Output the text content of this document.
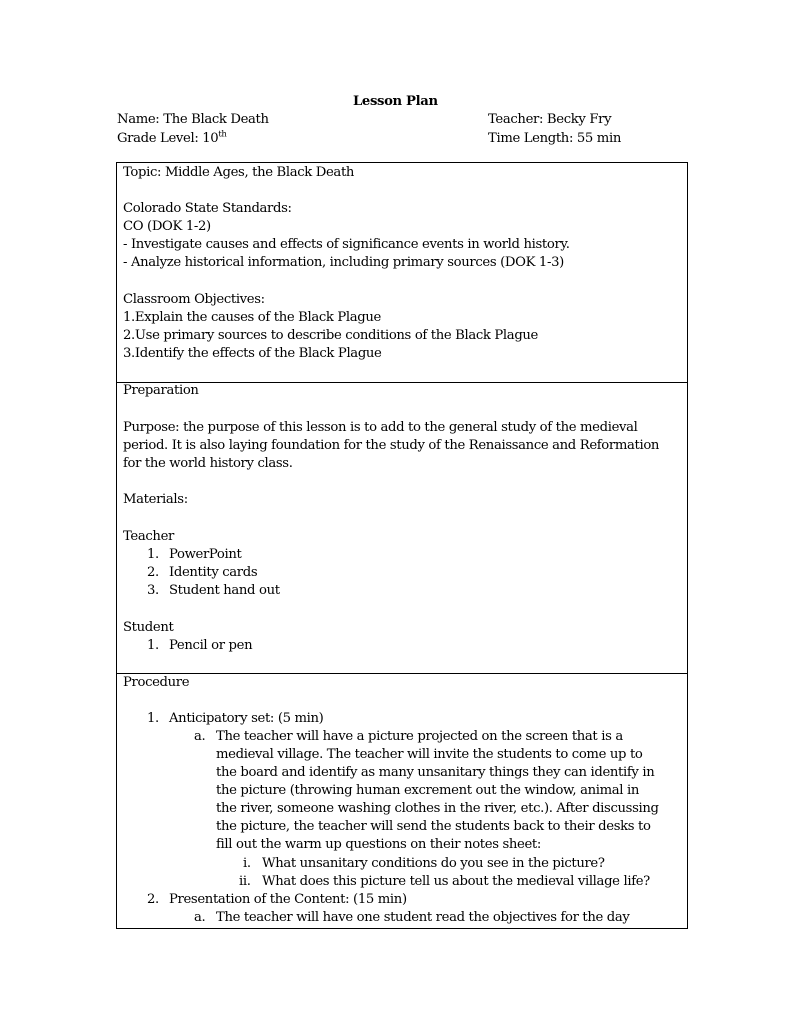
Lesson Plan
Name: The Black Death	Teacher: Becky Fry
Grade Level: 10th	Time Length: 55 min
Topic: Middle Ages, the Black Death
Colorado State Standards:
CO (DOK 1-2)
- Investigate causes and effects of significance events in world history.
- Analyze historical information, including primary sources (DOK 1-3)
Classroom Objectives:
1.Explain the causes of the Black Plague
2.Use primary sources to describe conditions of the Black Plague
3.Identify the effects of the Black Plague
Preparation
Purpose: the purpose of this lesson is to add to the general study of the medieval
period. It is also laying foundation for the study of the Renaissance and Reformation
for the world history class.
Materials:
Teacher
1. PowerPoint
2. Identity cards
3. Student hand out
Student
1. Pencil or pen
Procedure
1. Anticipatory set: (5 min)
a. The teacher will have a picture projected on the screen that is a
medieval village. The teacher will invite the students to come up to
the board and identify as many unsanitary things they can identify in
the picture (throwing human excrement out the window, animal in
the river, someone washing clothes in the river, etc.). After discussing
the picture, the teacher will send the students back to their desks to
fill out the warm up questions on their notes sheet:
i. What unsanitary conditions do you see in the picture?
ii. What does this picture tell us about the medieval village life?
2. Presentation of the Content: (15 min)
a. The teacher will have one student read the objectives for the day
